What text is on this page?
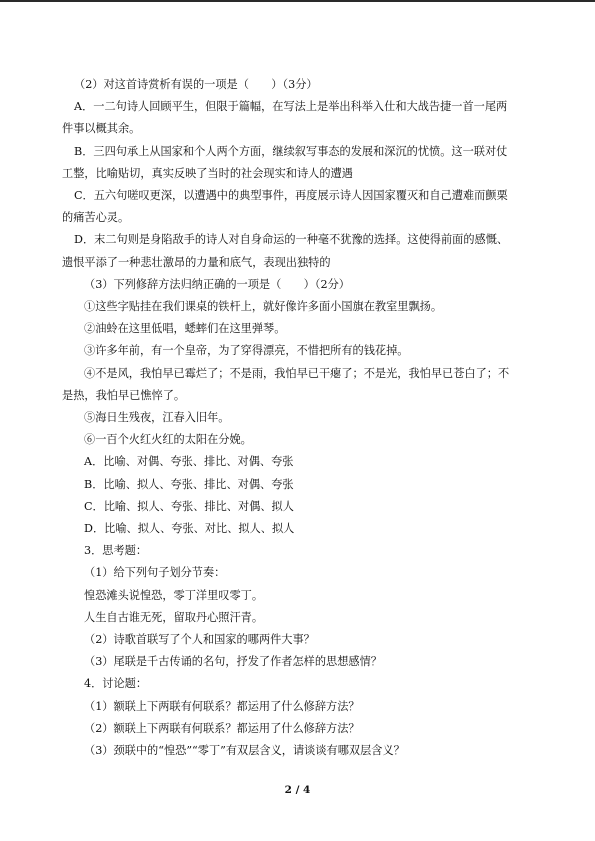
（2）对这首诗赏析有误的一项是（　　）（3分）
A．一二句诗人回顾平生，但限于篇幅，在写法上是举出科举入仕和大战告捷一首一尾两
件事以概其余。
B．三四句承上从国家和个人两个方面，继续叙写事态的发展和深沉的忧愤。这一联对仗
工整，比喻贴切，真实反映了当时的社会现实和诗人的遭遇
C．五六句嗟叹更深，以遭遇中的典型事件，再度展示诗人因国家覆灭和自己遭难而颤栗
的痛苦心灵。
D．末二句则是身陷敌手的诗人对自身命运的一种毫不犹豫的选择。这使得前面的感慨、
遗恨平添了一种悲壮激昂的力量和底气，表现出独特的
（3）下列修辞方法归纳正确的一项是（　　）（2分）
①这些字贴挂在我们课桌的铁杆上，就好像许多面小国旗在教室里飘扬。
②油蛉在这里低唱，蟋蟀们在这里弹琴。
③许多年前，有一个皇帝，为了穿得漂亮，不惜把所有的钱花掉。
④不是风，我怕早已霉烂了；不是雨，我怕早已干瘪了；不是光，我怕早已苍白了；不
是热，我怕早已憔悴了。
⑤海日生残夜，江春入旧年。
⑥一百个火红火红的太阳在分娩。
A．比喻、对偶、夸张、排比、对偶、夸张
B．比喻、拟人、夸张、排比、对偶、夸张
C．比喻、拟人、夸张、排比、对偶、拟人
D．比喻、拟人、夸张、对比、拟人、拟人
3．思考题：
（1）给下列句子划分节奏：
惶恐滩头说惶恐，零丁洋里叹零丁。
人生自古谁无死，留取丹心照汗青。
（2）诗歌首联写了个人和国家的哪两件大事？
（3）尾联是千古传诵的名句，抒发了作者怎样的思想感情？
4．讨论题：
（1）额联上下两联有何联系？都运用了什么修辞方法？
（2）额联上下两联有何联系？都运用了什么修辞方法？
（3）颈联中的“惶恐”“零丁”有双层含义，请谈谈有哪双层含义？
2 / 4
